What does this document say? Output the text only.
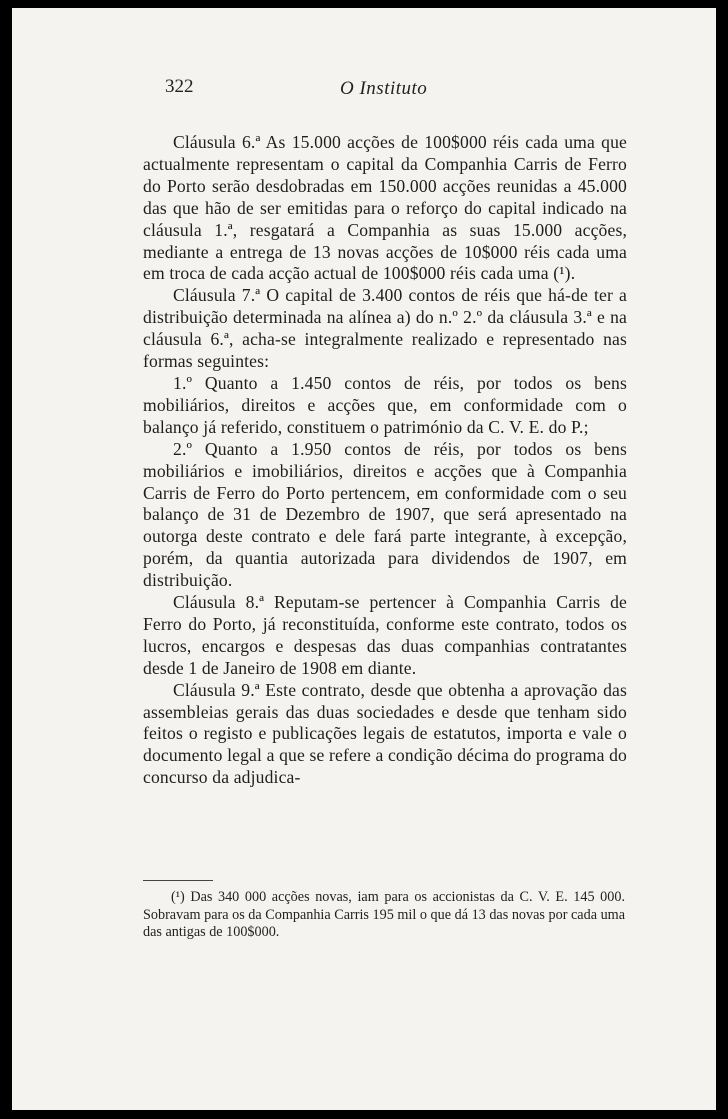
322	O Instituto

Cláusula 6.ª As 15.000 acções de 100$000 réis cada uma que actualmente representam o capital da Companhia Carris de Ferro do Porto serão desdobradas em 150.000 acções reunidas a 45.000 das que hão de ser emitidas para o reforço do capital indicado na cláusula 1.ª, resgatará a Companhia as suas 15.000 acções, mediante a entrega de 13 novas acções de 10$000 réis cada uma em troca de cada acção actual de 100$000 réis cada uma (¹).

Cláusula 7.ª O capital de 3.400 contos de réis que há-de ter a distribuição determinada na alínea a) do n.º 2.º da cláusula 3.ª e na cláusula 6.ª, acha-se integralmente realizado e representado nas formas seguintes:

1.º Quanto a 1.450 contos de réis, por todos os bens mobiliários, direitos e acções que, em conformidade com o balanço já referido, constituem o património da C. V. E. do P.;

2.º Quanto a 1.950 contos de réis, por todos os bens mobiliários e imobiliários, direitos e acções que à Companhia Carris de Ferro do Porto pertencem, em conformidade com o seu balanço de 31 de Dezembro de 1907, que será apresentado na outorga deste contrato e dele fará parte integrante, à excepção, porém, da quantia autorizada para dividendos de 1907, em distribuição.

Cláusula 8.ª Reputam-se pertencer à Companhia Carris de Ferro do Porto, já reconstituída, conforme este contrato, todos os lucros, encargos e despesas das duas companhias contratantes desde 1 de Janeiro de 1908 em diante.

Cláusula 9.ª Este contrato, desde que obtenha a aprovação das assembleias gerais das duas sociedades e desde que tenham sido feitos o registo e publicações legais de estatutos, importa e vale o documento legal a que se refere a condição décima do programa do concurso da adjudica-

(¹) Das 340 000 acções novas, iam para os accionistas da C. V. E. 145 000. Sobravam para os da Companhia Carris 195 mil o que dá 13 das novas por cada uma das antigas de 100$000.
